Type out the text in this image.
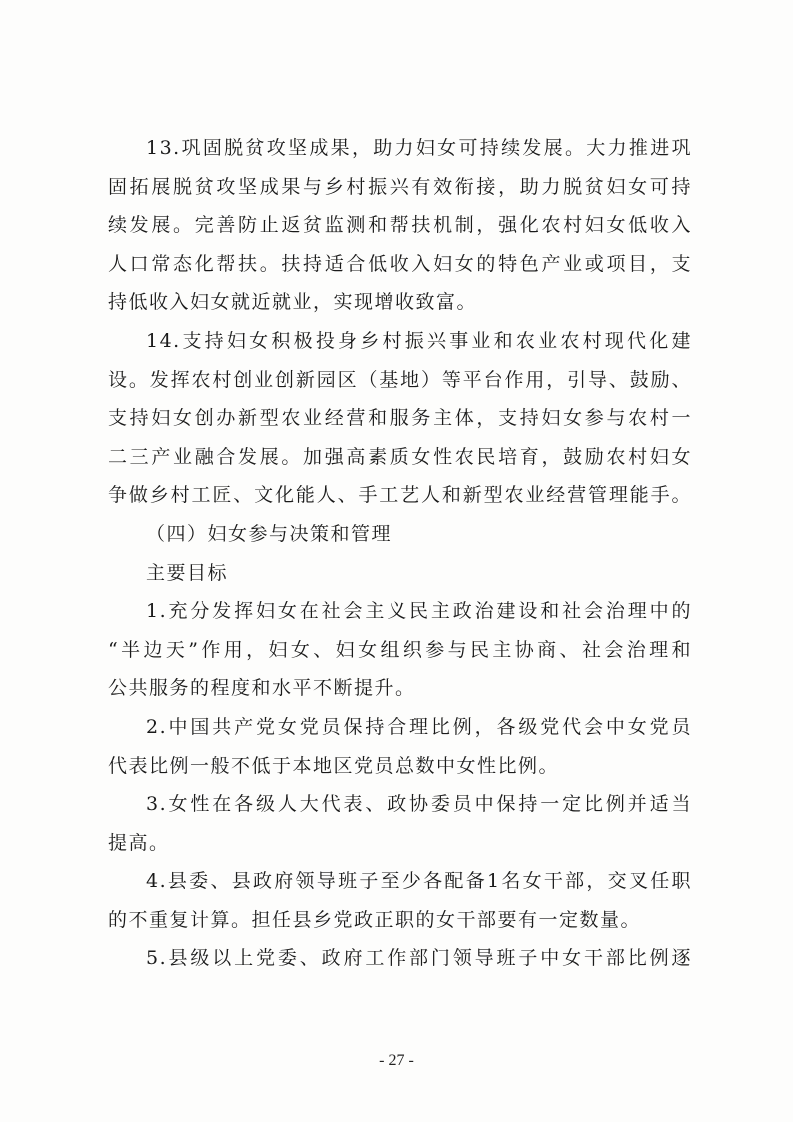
13.巩固脱贫攻坚成果，助力妇女可持续发展。大力推进巩
固拓展脱贫攻坚成果与乡村振兴有效衔接，助力脱贫妇女可持
续发展。完善防止返贫监测和帮扶机制，强化农村妇女低收入
人口常态化帮扶。扶持适合低收入妇女的特色产业或项目，支
持低收入妇女就近就业，实现增收致富。
14.支持妇女积极投身乡村振兴事业和农业农村现代化建
设。发挥农村创业创新园区（基地）等平台作用，引导、鼓励、
支持妇女创办新型农业经营和服务主体，支持妇女参与农村一
二三产业融合发展。加强高素质女性农民培育，鼓励农村妇女
争做乡村工匠、文化能人、手工艺人和新型农业经营管理能手。
（四）妇女参与决策和管理
主要目标
1.充分发挥妇女在社会主义民主政治建设和社会治理中的
“半边天”作用，妇女、妇女组织参与民主协商、社会治理和
公共服务的程度和水平不断提升。
2.中国共产党女党员保持合理比例，各级党代会中女党员
代表比例一般不低于本地区党员总数中女性比例。
3.女性在各级人大代表、政协委员中保持一定比例并适当
提高。
4.县委、县政府领导班子至少各配备1名女干部，交叉任职
的不重复计算。担任县乡党政正职的女干部要有一定数量。
5.县级以上党委、政府工作部门领导班子中女干部比例逐
- 27 -
